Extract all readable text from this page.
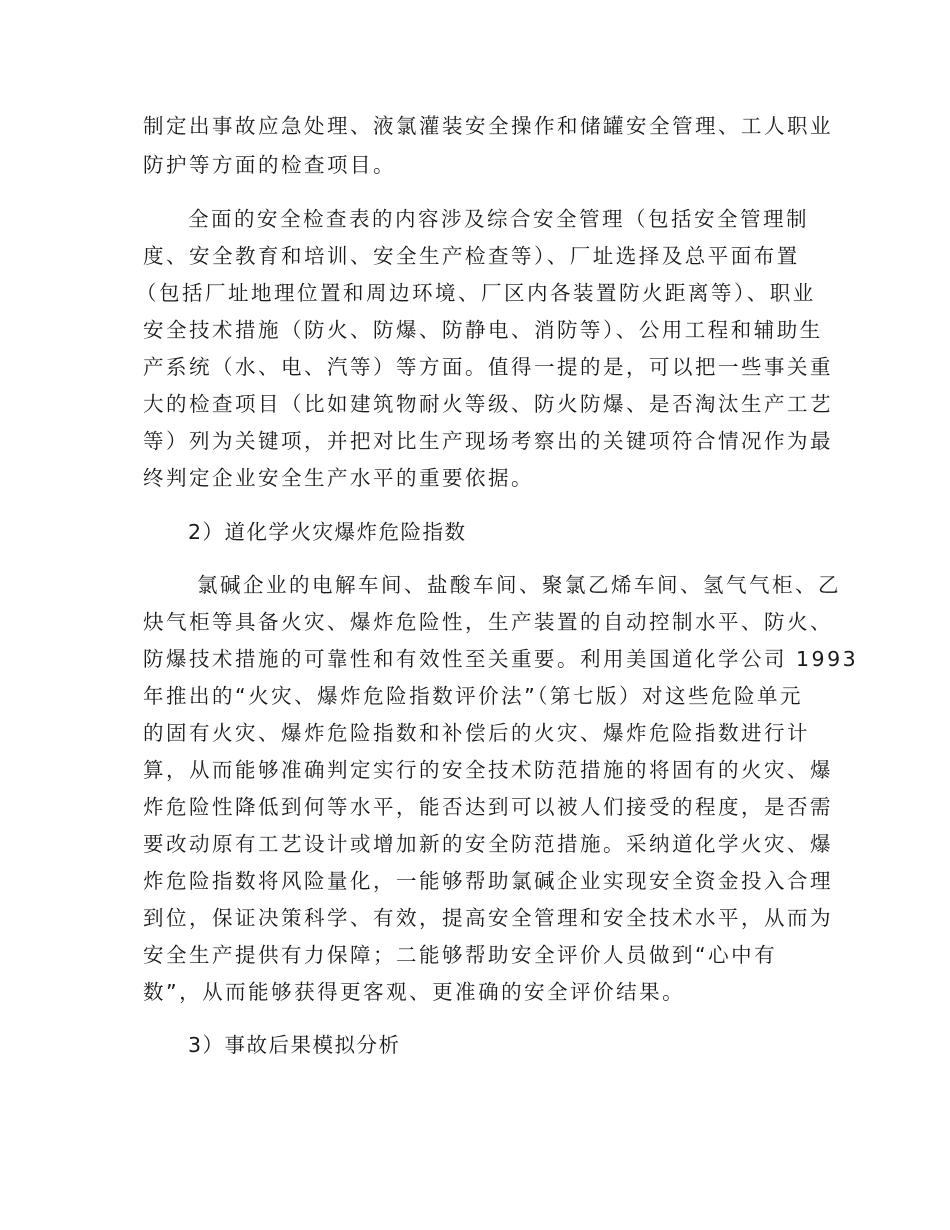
制定出事故应急处理、液氯灌装安全操作和储罐安全管理、工人职业
防护等方面的检查项目。
全面的安全检查表的内容涉及综合安全管理（包括安全管理制
度、安全教育和培训、安全生产检查等）、厂址选择及总平面布置
（包括厂址地理位置和周边环境、厂区内各装置防火距离等）、职业
安全技术措施（防火、防爆、防静电、消防等）、公用工程和辅助生
产系统（水、电、汽等）等方面。值得一提的是，可以把一些事关重
大的检查项目（比如建筑物耐火等级、防火防爆、是否淘汰生产工艺
等）列为关键项，并把对比生产现场考察出的关键项符合情况作为最
终判定企业安全生产水平的重要依据。
2）道化学火灾爆炸危险指数
氯碱企业的电解车间、盐酸车间、聚氯乙烯车间、氢气气柜、乙
炔气柜等具备火灾、爆炸危险性，生产装置的自动控制水平、防火、
防爆技术措施的可靠性和有效性至关重要。利用美国道化学公司 1993
年推出的“火灾、爆炸危险指数评价法”（第七版）对这些危险单元
的固有火灾、爆炸危险指数和补偿后的火灾、爆炸危险指数进行计
算，从而能够准确判定实行的安全技术防范措施的将固有的火灾、爆
炸危险性降低到何等水平，能否达到可以被人们接受的程度，是否需
要改动原有工艺设计或增加新的安全防范措施。采纳道化学火灾、爆
炸危险指数将风险量化，一能够帮助氯碱企业实现安全资金投入合理
到位，保证决策科学、有效，提高安全管理和安全技术水平，从而为
安全生产提供有力保障；二能够帮助安全评价人员做到“心中有
数”，从而能够获得更客观、更准确的安全评价结果。
3）事故后果模拟分析
